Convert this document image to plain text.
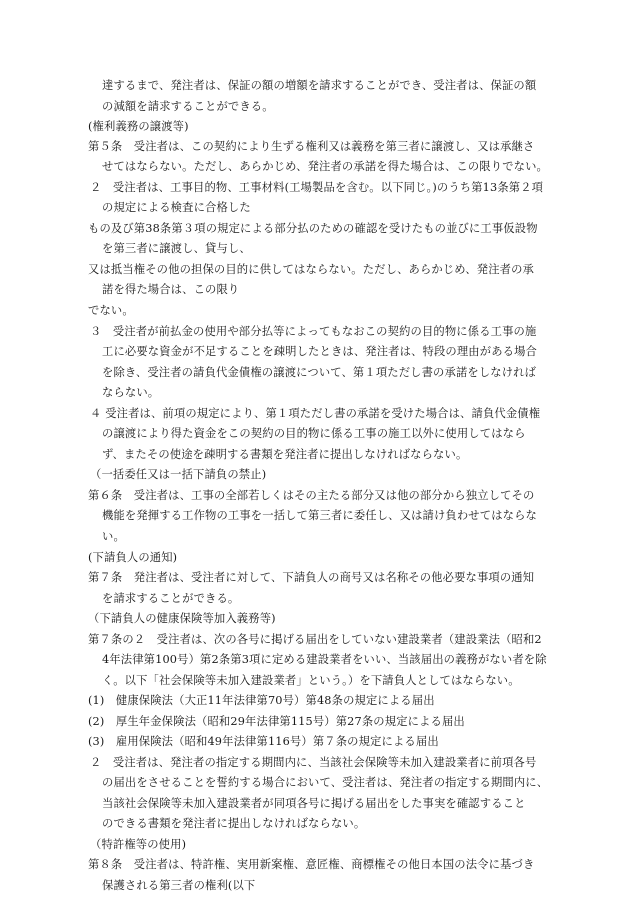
達するまで、発注者は、保証の額の増額を請求することができ、受注者は、保証の額
の減額を請求することができる。
(権利義務の譲渡等)
第５条　受注者は、この契約により生ずる権利又は義務を第三者に譲渡し、又は承継さ
せてはならない。ただし、あらかじめ、発注者の承諾を得た場合は、この限りでない。
２　受注者は、工事目的物、工事材料(工場製品を含む。以下同じ。)のうち第13条第２項
の規定による検査に合格した
もの及び第38条第３項の規定による部分払のための確認を受けたもの並びに工事仮設物
を第三者に譲渡し、貸与し、
又は抵当権その他の担保の目的に供してはならない。ただし、あらかじめ、発注者の承
諾を得た場合は、この限り
でない。
３　受注者が前払金の使用や部分払等によってもなおこの契約の目的物に係る工事の施
工に必要な資金が不足することを疎明したときは、発注者は、特段の理由がある場合
を除き、受注者の請負代金債権の譲渡について、第１項ただし書の承諾をしなければ
ならない。
４ 受注者は、前項の規定により、第１項ただし書の承諾を受けた場合は、請負代金債権
の譲渡により得た資金をこの契約の目的物に係る工事の施工以外に使用してはなら
ず、またその使途を疎明する書類を発注者に提出しなければならない。
（一括委任又は一括下請負の禁止)
第６条　受注者は、工事の全部若しくはその主たる部分又は他の部分から独立してその
機能を発揮する工作物の工事を一括して第三者に委任し、又は請け負わせてはならな
い。
(下請負人の通知)
第７条　発注者は、受注者に対して、下請負人の商号又は名称その他必要な事項の通知
を請求することができる。
（下請負人の健康保険等加入義務等)
第７条の２　受注者は、次の各号に掲げる届出をしていない建設業者（建設業法（昭和2
4年法律第100号）第2条第3項に定める建設業者をいい、当該届出の義務がない者を除
く。以下「社会保険等未加入建設業者」という。）を下請負人としてはならない。
(1)　健康保険法（大正11年法律第70号）第48条の規定による届出
(2)　厚生年金保険法（昭和29年法律第115号）第27条の規定による届出
(3)　雇用保険法（昭和49年法律第116号）第７条の規定による届出
２　受注者は、発注者の指定する期間内に、当該社会保険等未加入建設業者に前項各号
の届出をさせることを誓約する場合において、受注者は、発注者の指定する期間内に、
当該社会保険等未加入建設業者が同項各号に掲げる届出をした事実を確認すること
のできる書類を発注者に提出しなければならない。
（特許権等の使用)
第８条　受注者は、特許権、実用新案権、意匠権、商標権その他日本国の法令に基づき
保護される第三者の権利(以下
